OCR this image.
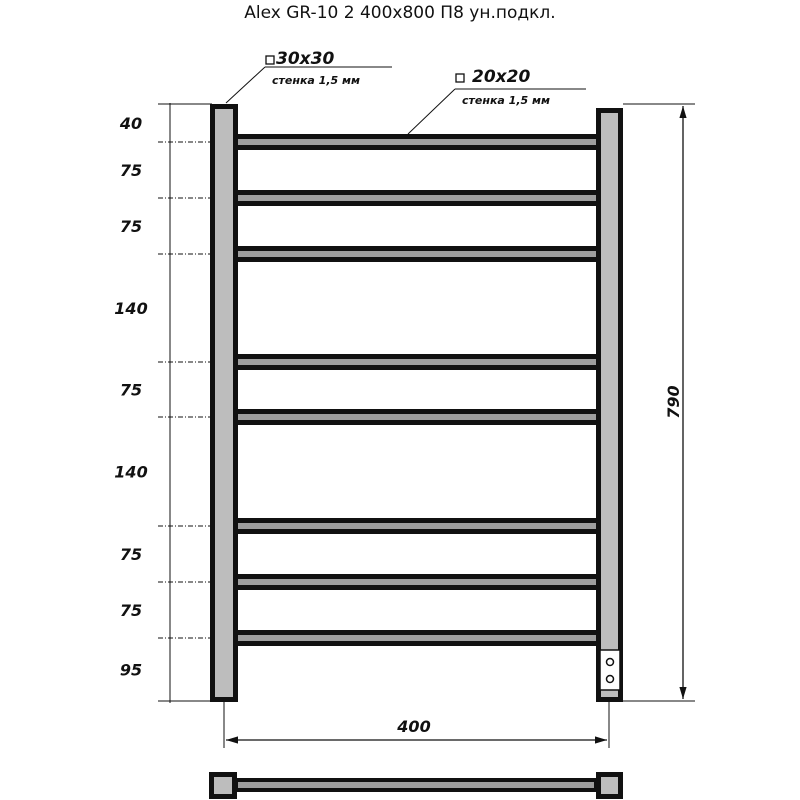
Alex GR-10 2 400x800 П8 ун.подкл.
40
75
75
140
75
140
75
75
95
790
400
30x30
стенка 1,5 мм	20x20
стенка 1,5 мм
